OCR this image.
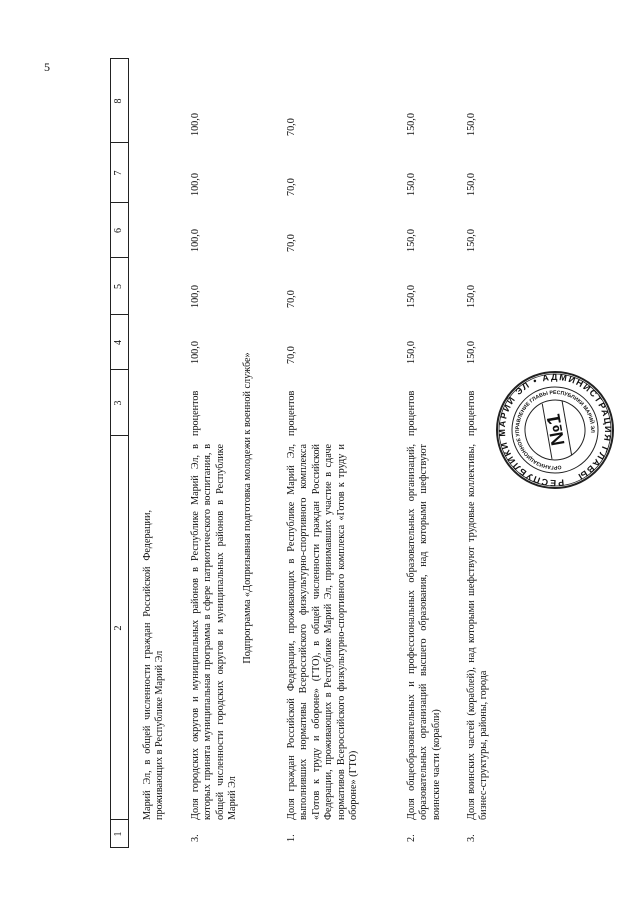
5
1
2
3
4
5
6
7
8
Марий Эл, в общей численности граждан Российской Федерации, проживающих в Республике Марий Эл
3.
Доля городских округов и муниципальных районов в Республике Марий Эл, в которых принята муниципальная программа в сфере патриотического воспитания, в общей численности городских округов и муниципальных районов в Республике Марий Эл
процентов
100,0
100,0
100,0
100,0
100,0
Подпрограмма «Допризывная подготовка молодежи к военной службе»
1.
Доля граждан Российской Федерации, проживающих в Республике Марий Эл, выполнивших нормативы Всероссийского физкультурно-спортивного комплекса «Готов к труду и обороне» (ГТО), в общей численности граждан Российской Федерации, проживающих в Республике Марий Эл, принимавших участие в сдаче нормативов Всероссийского физкультурно-спортивного комплекса «Готов к труду и обороне» (ГТО)
процентов
70,0
70,0
70,0
70,0
70,0
2.
Доля общеобразовательных и профессиональных образовательных организаций, образовательных организаций высшего образования, над которыми шефствуют воинские части (корабли)
процентов
150,0
150,0
150,0
150,0
150,0
3.
Доля воинских частей (кораблей), над которыми шефствуют трудовые коллективы, бизнес-структуры, районы, города
процентов
150,0
150,0
150,0
150,0
150,0
РЕСПУБЛИКИ МАРИЙ ЭЛ • АДМИНИСТРАЦИЯ ГЛАВЫ
ОРГАНИЗАЦИОННОЕ УПРАВЛЕНИЕ ГЛАВЫ РЕСПУБЛИКИ МАРИЙ ЭЛ
№1
